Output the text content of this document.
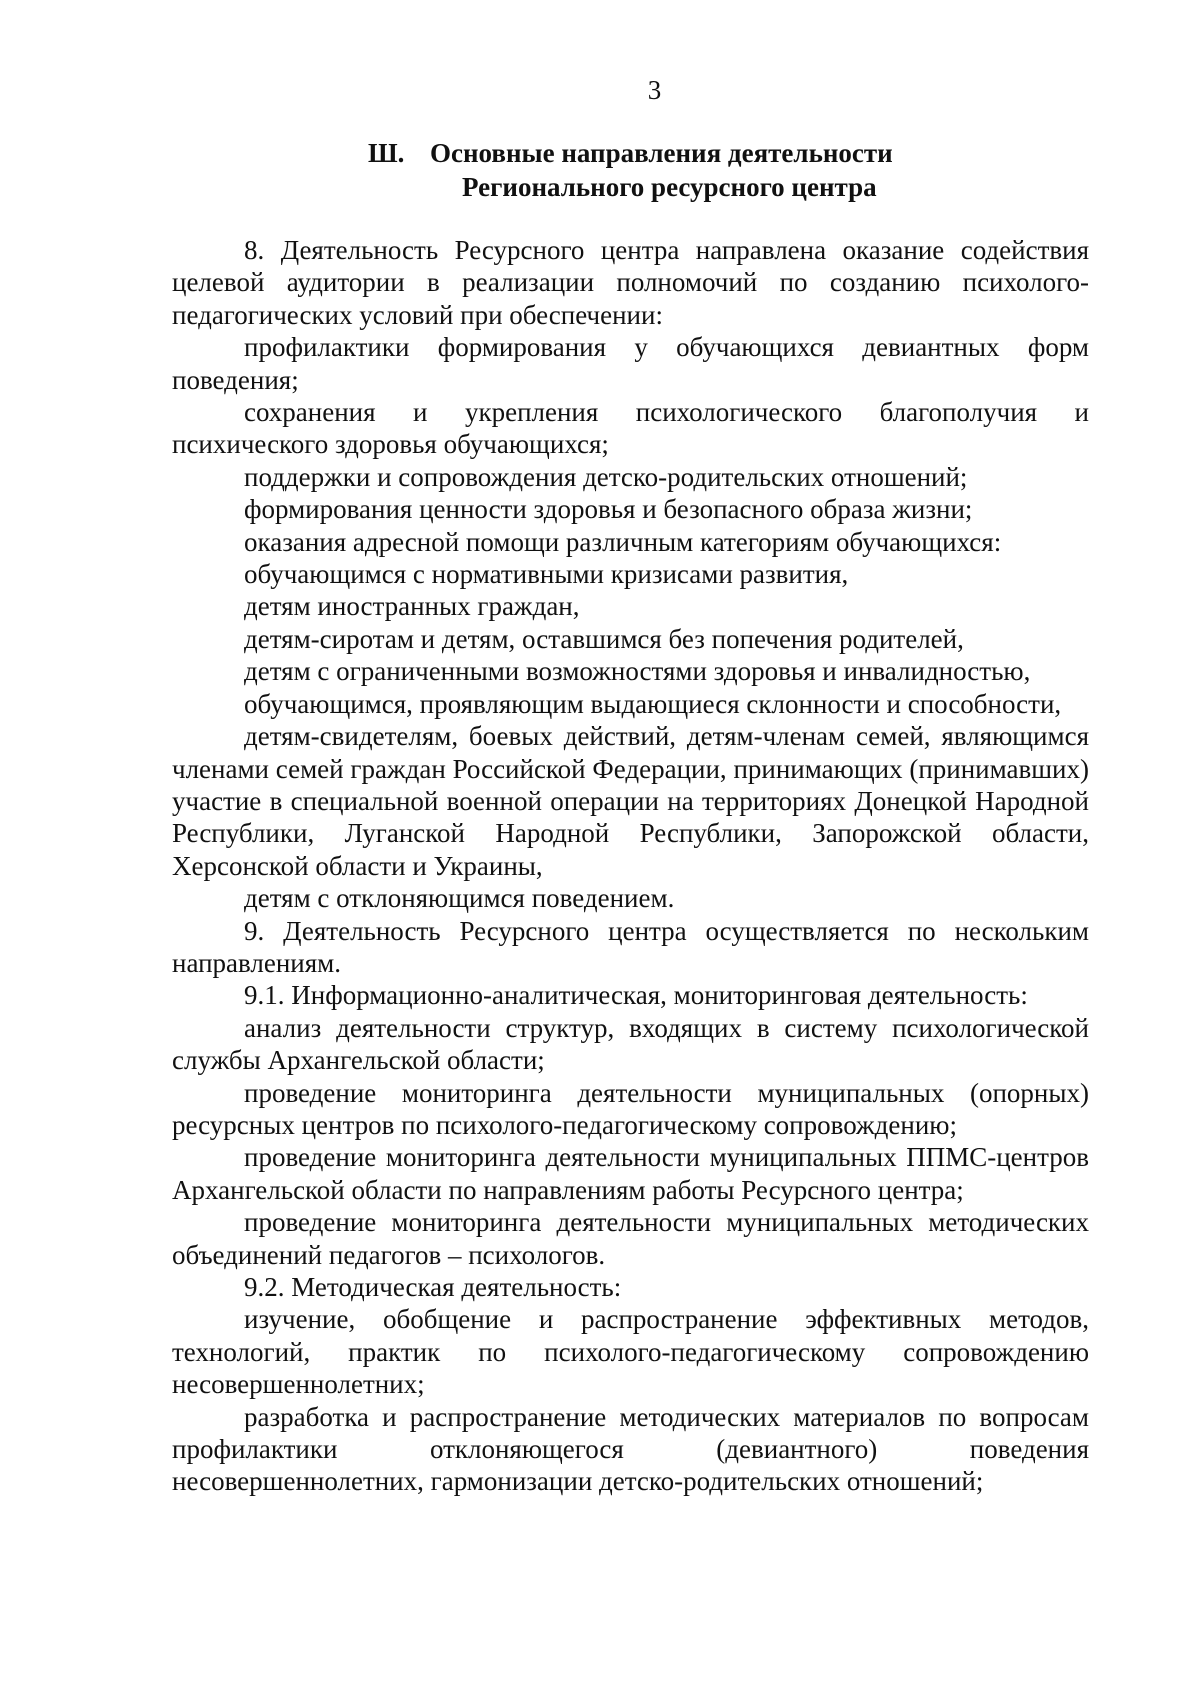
3
Ш. Основные направления деятельности
Регионального ресурсного центра

8. Деятельность Ресурсного центра направлена оказание содействия целевой аудитории в реализации полномочий по созданию психолого-педагогических условий при обеспечении:

профилактики формирования у обучающихся девиантных форм поведения;

сохранения и укрепления психологического благополучия и психического здоровья обучающихся;

поддержки и сопровождения детско-родительских отношений;

формирования ценности здоровья и безопасного образа жизни;

оказания адресной помощи различным категориям обучающихся:

обучающимся с нормативными кризисами развития,

детям иностранных граждан,

детям-сиротам и детям, оставшимся без попечения родителей,

детям с ограниченными возможностями здоровья и инвалидностью,

обучающимся, проявляющим выдающиеся склонности и способности,

детям-свидетелям, боевых действий, детям-членам семей, являющимся членами семей граждан Российской Федерации, принимающих (принимавших) участие в специальной военной операции на территориях Донецкой Народной Республики, Луганской Народной Республики, Запорожской области, Херсонской области и Украины,

детям с отклоняющимся поведением.

9. Деятельность Ресурсного центра осуществляется по нескольким направлениям.

9.1. Информационно-аналитическая, мониторинговая деятельность:

анализ деятельности структур, входящих в систему психологической службы Архангельской области;

проведение мониторинга деятельности муниципальных (опорных) ресурсных центров по психолого-педагогическому сопровождению;

проведение мониторинга деятельности муниципальных ППМС-центров Архангельской области по направлениям работы Ресурсного центра;

проведение мониторинга деятельности муниципальных методических объединений педагогов – психологов.

9.2. Методическая деятельность:

изучение, обобщение и распространение эффективных методов, технологий, практик по психолого-педагогическому сопровождению несовершеннолетних;

разработка и распространение методических материалов по вопросам профилактики отклоняющегося (девиантного) поведения несовершеннолетних, гармонизации детско-родительских отношений;
